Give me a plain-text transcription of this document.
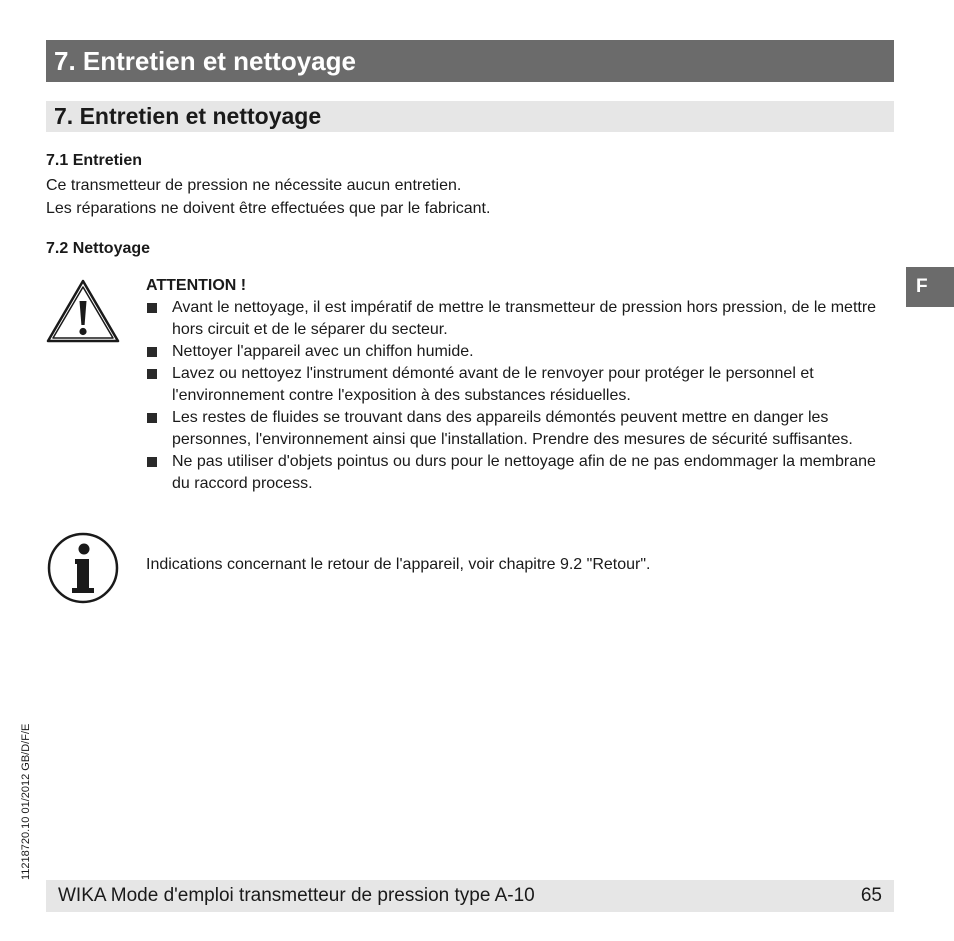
7. Entretien et nettoyage
7. Entretien et nettoyage
7.1 Entretien
Ce transmetteur de pression ne nécessite aucun entretien.
Les réparations ne doivent être effectuées que par le fabricant.
7.2 Nettoyage
F
ATTENTION !
Avant le nettoyage, il est impératif de mettre le transmetteur de pression hors pression, de le mettre hors circuit et de le séparer du secteur.
Nettoyer l'appareil avec un chiffon humide.
Lavez ou nettoyez l'instrument démonté avant de le renvoyer pour protéger le personnel et l'environnement contre l'exposition à des substances résiduelles.
Les restes de fluides se trouvant dans des appareils démontés peuvent mettre en danger les personnes, l'environnement ainsi que l'installation. Prendre des mesures de sécurité suffisantes.
Ne pas utiliser d'objets pointus ou durs pour le nettoyage afin de ne pas endommager la membrane du raccord process.
Indications concernant le retour de l'appareil, voir chapitre 9.2 "Retour".
11218720.10 01/2012 GB/D/F/E
WIKA Mode d'emploi transmetteur de pression type A-10	65
